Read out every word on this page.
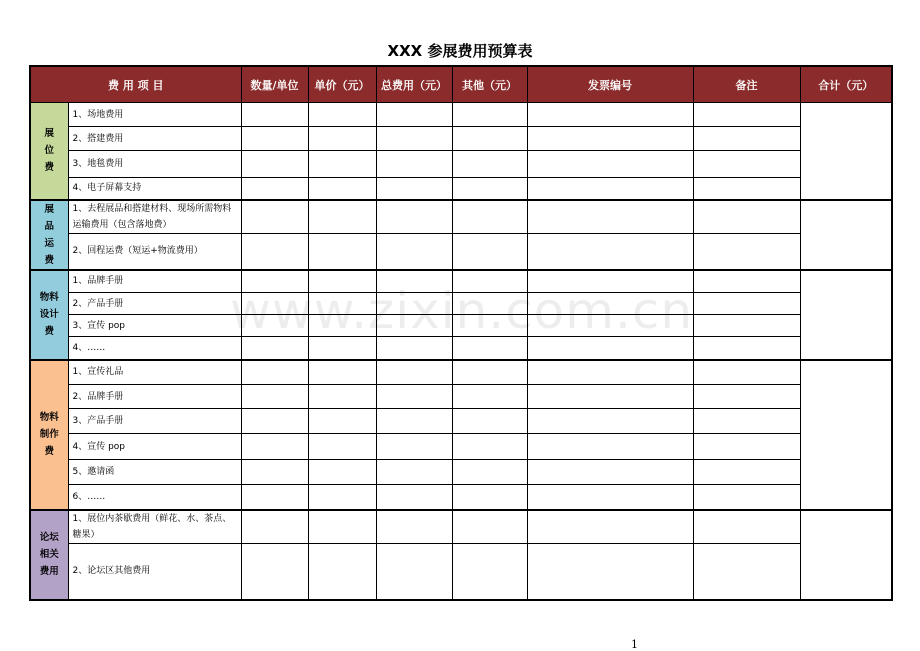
XXX 参展费用预算表
费 用 项 目		数量/单位	单价（元）	总费用（元）	其他（元）	发票编号	备注	合计（元）
展
位
费	1、场地费用							
	2、搭建费用							
	3、地毯费用							
	4、电子屏幕支持							
展
品
运
费	1、去程展品和搭建材料、现场所需物料运输费用（包含落地费）							
	2、回程运费（短运+物流费用）							
物料
设计
费	1、品牌手册							
	2、产品手册							
	3、宣传 pop							
	4、……							
物料
制作
费	1、宣传礼品							
	2、品牌手册							
	3、产品手册							
	4、宣传 pop							
	5、邀请函							
	6、……							
论坛
相关
费用	1、展位内茶歇费用（鲜花、水、茶点、糖果）							
	2、论坛区其他费用							
www.zixin.com.cn
1
